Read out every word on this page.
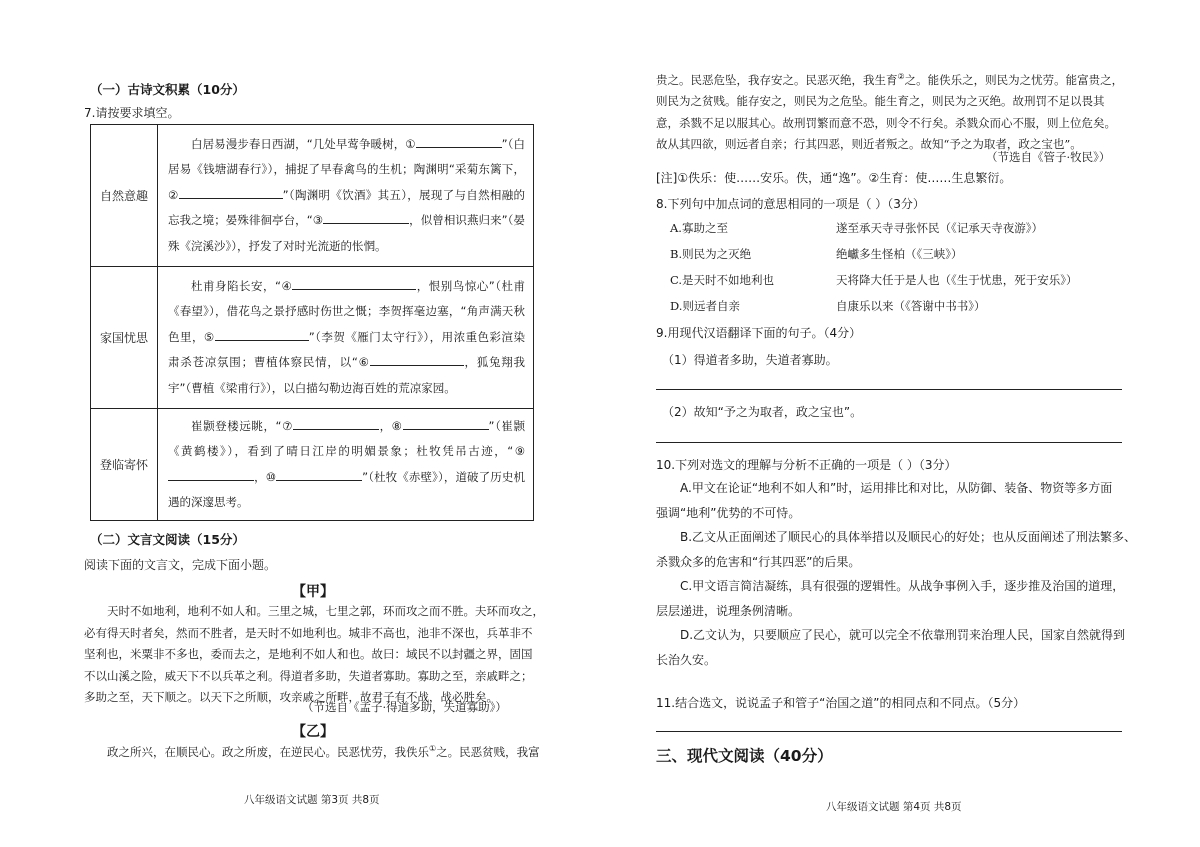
（一）古诗文积累（10分）
7.请按要求填空。
自然意趣	白居易漫步春日西湖，“几处早莺争暖树，① ”（白居易《钱塘湖春行》），捕捉了早春禽鸟的生机；陶渊明“采菊东篱下，② ”（陶渊明《饮酒》其五），展现了与自然相融的忘我之境；晏殊徘徊亭台，“③ ，似曾相识燕归来”（晏殊《浣溪沙》），抒发了对时光流逝的怅惘。
家国忧思	杜甫身陷长安，“④ ，恨别鸟惊心”（杜甫《春望》），借花鸟之景抒感时伤世之慨；李贺挥毫边塞，“角声满天秋色里，⑤ ”（李贺《雁门太守行》），用浓重色彩渲染肃杀苍凉氛围；曹植体察民情，以“⑥ ，狐兔翔我宇”（曹植《梁甫行》），以白描勾勒边海百姓的荒凉家园。
登临寄怀	崔颢登楼远眺，“⑦ ，⑧ ”（崔颢《黄鹤楼》），看到了晴日江岸的明媚景象；杜牧凭吊古迹，“⑨，⑩ ”（杜牧《赤壁》），道破了历史机遇的深邃思考。
（二）文言文阅读（15分）
阅读下面的文言文，完成下面小题。
【甲】
天时不如地利，地利不如人和。三里之城，七里之郭，环而攻之而不胜。夫环而攻之，
必有得天时者矣，然而不胜者，是天时不如地利也。城非不高也，池非不深也，兵革非不
坚利也，米粟非不多也，委而去之，是地利不如人和也。故曰：域民不以封疆之界，固国
不以山溪之险，威天下不以兵革之利。得道者多助，失道者寡助。寡助之至，亲戚畔之；
多助之至，天下顺之。以天下之所顺，攻亲戚之所畔，故君子有不战，战必胜矣。
（节选自《孟子·得道多助，失道寡助》）
【乙】
政之所兴，在顺民心。政之所废，在逆民心。民恶忧劳，我佚乐①之。民恶贫贱，我富
八年级语文试题 第3页 共8页
贵之。民恶危坠，我存安之。民恶灭绝，我生育②之。能佚乐之，则民为之忧劳。能富贵之，
则民为之贫贱。能存安之，则民为之危坠。能生育之，则民为之灭绝。故刑罚不足以畏其
意，杀戮不足以服其心。故刑罚繁而意不恐，则令不行矣。杀戮众而心不服，则上位危矣。
故从其四欲，则远者自亲；行其四恶，则近者叛之。故知“予之为取者，政之宝也”。
（节选自《管子·牧民》）
[注]①佚乐：使……安乐。佚，通“逸”。②生育：使……生息繁衍。
8.下列句中加点词的意思相同的一项是（ ）（3分）
A.寡助之至	遂至承天寺寻张怀民（《记承天寺夜游》）
B.则民为之灭绝	绝巘多生怪柏（《三峡》）
C.是天时不如地利也	天将降大任于是人也（《生于忧患，死于安乐》）
D.则远者自亲	自康乐以来（《答谢中书书》）
9.用现代汉语翻译下面的句子。（4分）
（1）得道者多助，失道者寡助。
（2）故知“予之为取者，政之宝也”。
10.下列对选文的理解与分析不正确的一项是（ ）（3分）
A.甲文在论证“地利不如人和”时，运用排比和对比，从防御、装备、物资等多方面
强调“地利”优势的不可恃。
B.乙文从正面阐述了顺民心的具体举措以及顺民心的好处；也从反面阐述了刑法繁多、
杀戮众多的危害和“行其四恶”的后果。
C.甲文语言简洁凝练，具有很强的逻辑性。从战争事例入手，逐步推及治国的道理，
层层递进，说理条例清晰。
D.乙文认为，只要顺应了民心，就可以完全不依靠刑罚来治理人民，国家自然就得到
长治久安。
11.结合选文，说说孟子和管子“治国之道”的相同点和不同点。（5分）
三、现代文阅读（40分）
八年级语文试题 第4页 共8页
